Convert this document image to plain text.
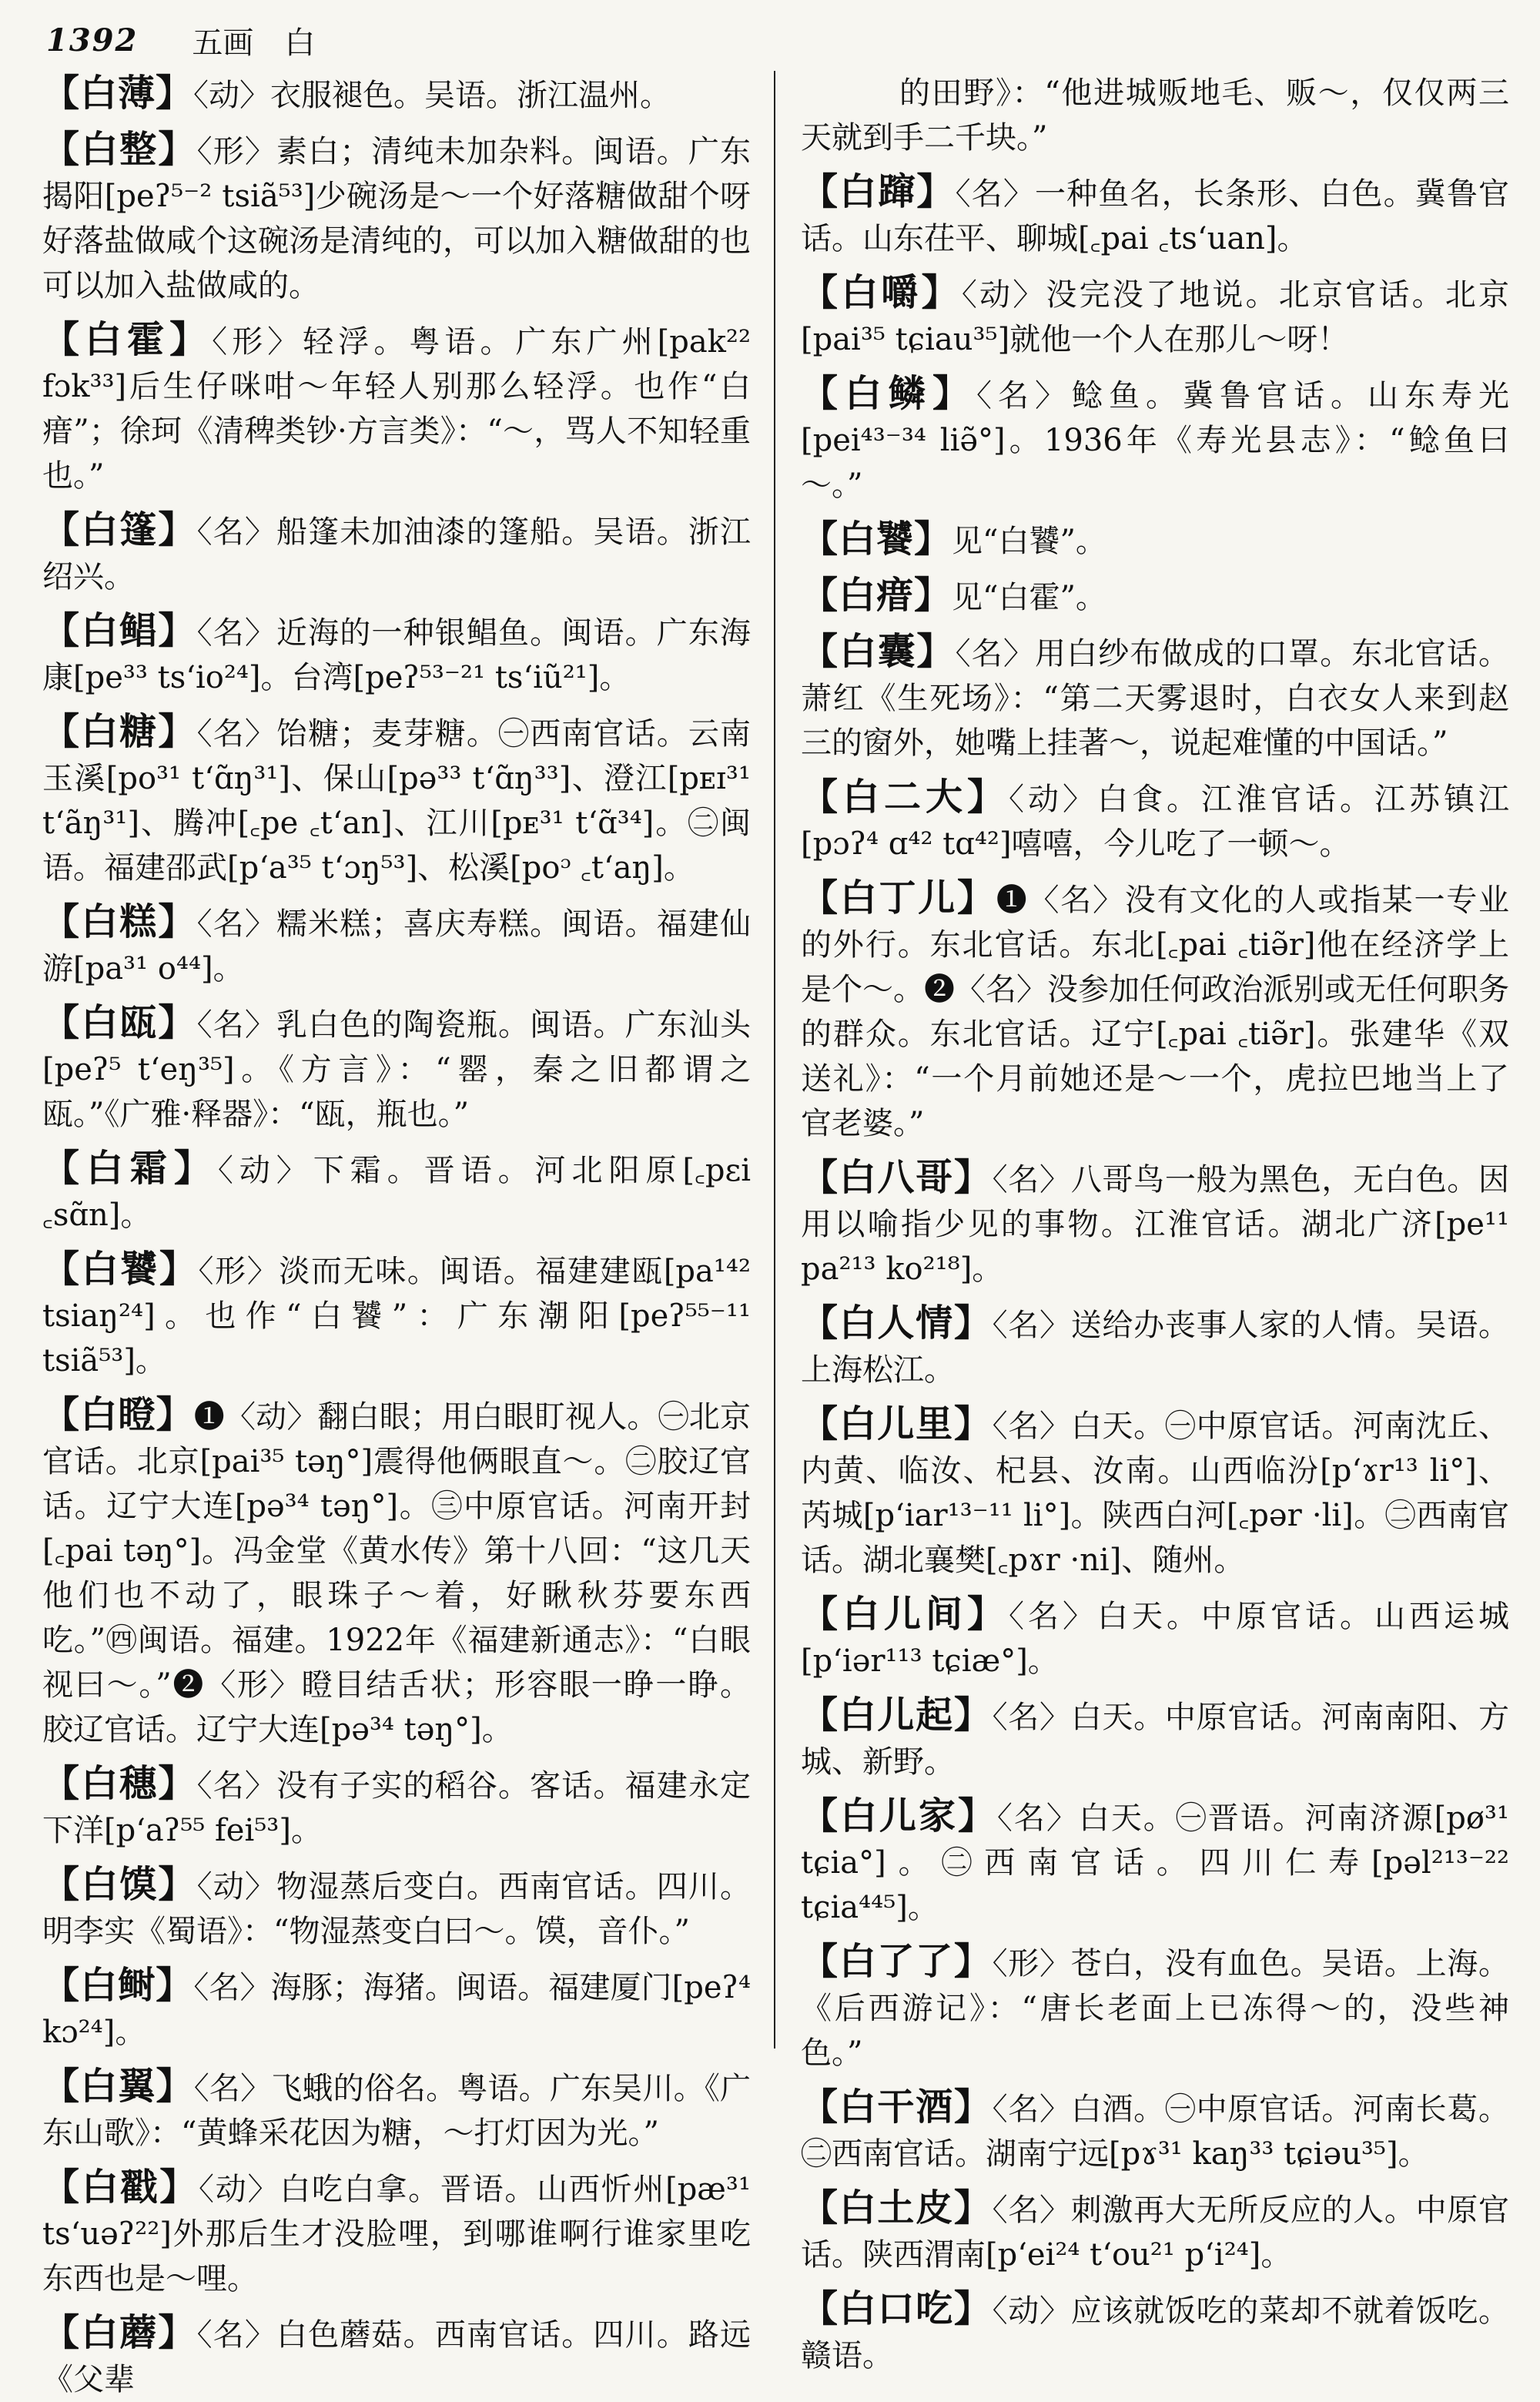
1392 五画 白
【白薄】〈动〉衣服褪色。吴语。浙江温州。
【白整】〈形〉素白；清纯未加杂料。闽语。广东揭阳[peʔ⁵⁻² tsiã⁵³]少碗汤是～一个好落糖做甜个呀好落盐做咸个这碗汤是清纯的，可以加入糖做甜的也可以加入盐做咸的。
【白霍】〈形〉轻浮。粤语。广东广州[pak²² fɔk³³]后生仔咪咁～年轻人别那么轻浮。也作“白瘄”；徐珂《清稗类钞·方言类》：“～，骂人不知轻重也。”
【白篷】〈名〉船篷未加油漆的篷船。吴语。浙江绍兴。
【白鲳】〈名〉近海的一种银鲳鱼。闽语。广东海康[pe³³ ts‘io²⁴]。台湾[peʔ⁵³⁻²¹ ts‘iũ²¹]。
【白糖】〈名〉饴糖；麦芽糖。㊀西南官话。云南玉溪[po³¹ t‘ɑ̃ŋ³¹]、保山[pə³³ t‘ɑ̃ŋ³³]、澄江[pᴇɪ³¹ t‘ãŋ³¹]、腾冲[꜀pe ꜀t‘an]、江川[pᴇ³¹ t‘ɑ̃³⁴]。㊁闽语。福建邵武[p‘a³⁵ t‘ɔŋ⁵³]、松溪[poᵓ ꜀t‘aŋ]。
【白糕】〈名〉糯米糕；喜庆寿糕。闽语。福建仙游[pa³¹ o⁴⁴]。
【白瓯】〈名〉乳白色的陶瓷瓶。闽语。广东汕头[peʔ⁵ t‘eŋ³⁵]。《方言》：“罂，秦之旧都谓之瓯。”《广雅·释器》：“瓯，瓶也。”
【白霜】〈动〉下霜。晋语。河北阳原[꜀pɛi ꜀sɑ̃n]。
【白饕】〈形〉淡而无味。闽语。福建建瓯[pa¹⁴² tsiaŋ²⁴]。也作“白饕”：广东潮阳[peʔ⁵⁵⁻¹¹ tsiã⁵³]。
【白瞪】❶〈动〉翻白眼；用白眼盯视人。㊀北京官话。北京[pai³⁵ təŋ°]震得他俩眼直～。㊁胶辽官话。辽宁大连[pə³⁴ təŋ°]。㊂中原官话。河南开封[꜀pai təŋ°]。冯金堂《黄水传》第十八回：“这几天他们也不动了，眼珠子～着，好瞅秋芬要东西吃。”㊃闽语。福建。1922年《福建新通志》：“白眼视曰～。”❷〈形〉瞪目结舌状；形容眼一睁一睁。胶辽官话。辽宁大连[pə³⁴ təŋ°]。
【白穗】〈名〉没有子实的稻谷。客话。福建永定下洋[p‘aʔ⁵⁵ fei⁵³]。
【白馍】〈动〉物湿蒸后变白。西南官话。四川。明李实《蜀语》：“物湿蒸变白曰～。馍，音仆。”
【白鲥】〈名〉海豚；海猪。闽语。福建厦门[peʔ⁴ kɔ²⁴]。
【白翼】〈名〉飞蛾的俗名。粤语。广东吴川。《广东山歌》：“黄蜂采花因为糖，～打灯因为光。”
【白戳】〈动〉白吃白拿。晋语。山西忻州[pæ³¹ ts‘uəʔ²²]外那后生才没脸哩，到哪谁啊行谁家里吃东西也是～哩。
【白蘑】〈名〉白色蘑菇。西南官话。四川。路远《父辈
的田野》：“他进城贩地毛、贩～，仅仅两三天就到手二千块。”
【白蹿】〈名〉一种鱼名，长条形、白色。冀鲁官话。山东茌平、聊城[꜀pai ꜀ts‘uan]。
【白嚼】〈动〉没完没了地说。北京官话。北京[pai³⁵ tɕiau³⁵]就他一个人在那儿～呀！
【白鳞】〈名〉鲶鱼。冀鲁官话。山东寿光[pei⁴³⁻³⁴ liə̃°]。1936年《寿光县志》：“鲶鱼曰～。”
【白饕】见“白饕”。
【白瘄】见“白霍”。
【白囊】〈名〉用白纱布做成的口罩。东北官话。萧红《生死场》：“第二天雾退时，白衣女人来到赵三的窗外，她嘴上挂著～，说起难懂的中国话。”
【白二大】〈动〉白食。江淮官话。江苏镇江[pɔʔ⁴ ɑ⁴² tɑ⁴²]嘻嘻，今儿吃了一顿～。
【白丁儿】❶〈名〉没有文化的人或指某一专业的外行。东北官话。东北[꜀pai ꜀tiə̃r]他在经济学上是个～。❷〈名〉没参加任何政治派别或无任何职务的群众。东北官话。辽宁[꜀pai ꜀tiə̃r]。张建华《双送礼》：“一个月前她还是～一个，虎拉巴地当上了官老婆。”
【白八哥】〈名〉八哥鸟一般为黑色，无白色。因用以喻指少见的事物。江淮官话。湖北广济[pe¹¹ pa²¹³ ko²¹⁸]。
【白人情】〈名〉送给办丧事人家的人情。吴语。上海松江。
【白儿里】〈名〉白天。㊀中原官话。河南沈丘、内黄、临汝、杞县、汝南。山西临汾[p‘ɤr¹³ li°]、芮城[p‘iar¹³⁻¹¹ li°]。陕西白河[꜀pər ·li]。㊁西南官话。湖北襄樊[꜀pɤr ·ni]、随州。
【白儿间】〈名〉白天。中原官话。山西运城[p‘iər¹¹³ tɕiæ°]。
【白儿起】〈名〉白天。中原官话。河南南阳、方城、新野。
【白儿家】〈名〉白天。㊀晋语。河南济源[pø³¹ tɕia°]。㊁西南官话。四川仁寿[pəl²¹³⁻²² tɕia⁴⁴⁵]。
【白了了】〈形〉苍白，没有血色。吴语。上海。《后西游记》：“唐长老面上已冻得～的，没些神色。”
【白干酒】〈名〉白酒。㊀中原官话。河南长葛。㊁西南官话。湖南宁远[pɤ³¹ kaŋ³³ tɕiəu³⁵]。
【白土皮】〈名〉刺激再大无所反应的人。中原官话。陕西渭南[p‘ei²⁴ t‘ou²¹ p‘i²⁴]。
【白口吃】〈动〉应该就饭吃的菜却不就着饭吃。赣语。
